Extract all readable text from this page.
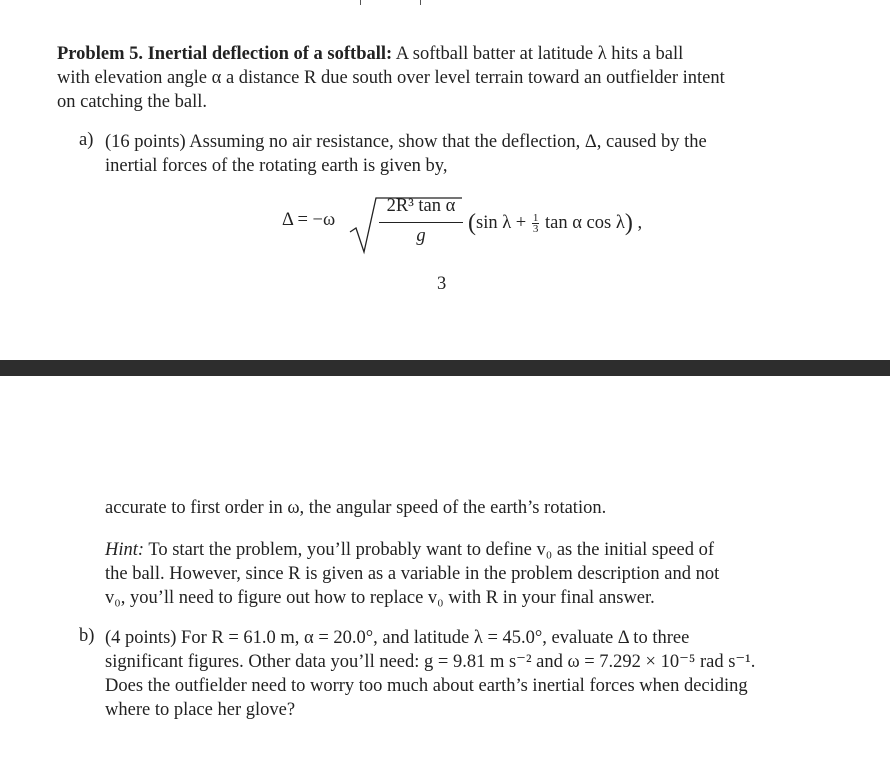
Problem 5. Inertial deflection of a softball: A softball batter at latitude λ hits a ball
with elevation angle α a distance R due south over level terrain toward an outfielder intent
on catching the ball.

a) (16 points) Assuming no air resistance, show that the deflection, Δ, caused by the
inertial forces of the rotating earth is given by,

Δ = −ω
2R³ tan α
g	(sin $\lambda + \frac{1}{3}$ tan α cos λ) ,
3

accurate to first order in ω, the angular speed of the earth’s rotation.

Hint: To start the problem, you’ll probably want to define v₀ as the initial speed of
the ball. However, since R is given as a variable in the problem description and not
v₀, you’ll need to figure out how to replace v₀ with R in your final answer.

b) (4 points) For R = 61.0 m, α = 20.0°, and latitude λ = 45.0°, evaluate Δ to three
significant figures. Other data you’ll need: g = 9.81 m s⁻² and ω = 7.292 × 10⁻⁵ rad s⁻¹.
Does the outfielder need to worry too much about earth’s inertial forces when deciding
where to place her glove?
